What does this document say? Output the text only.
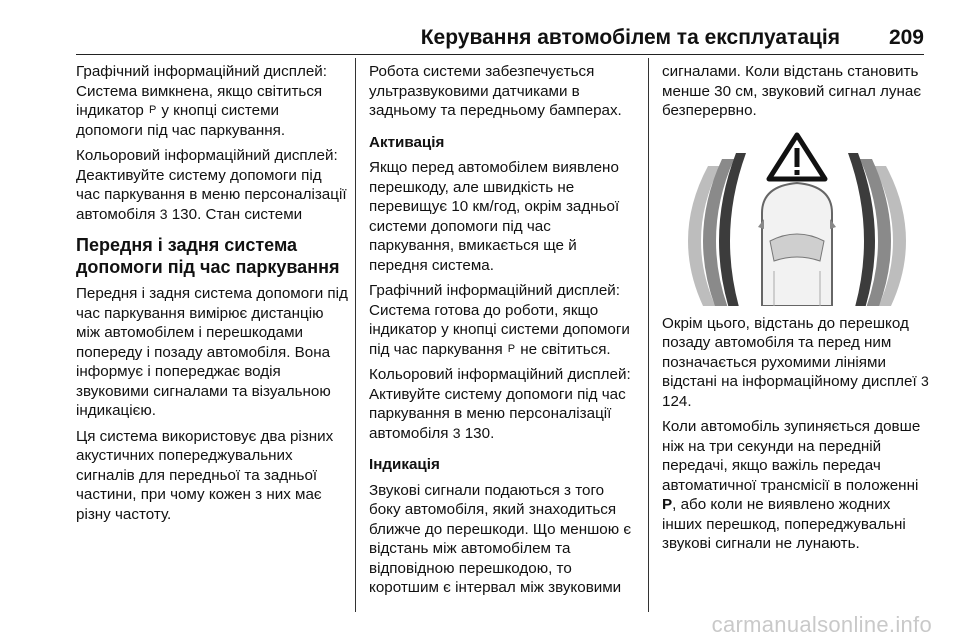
Керування автомобілем та експлуатація 209

Графічний інформаційний дисплей: Система вимкнена, якщо світиться індикатор P у кнопці системи допомоги під час паркування.

Кольоровий інформаційний дисплей: Деактивуйте систему допомоги під час паркування в меню персоналізації автомобіля 3 130. Стан системи

Передня і задня система допомоги під час паркування

Передня і задня система допомоги під час паркування вимірює дистанцію між автомобілем і перешкодами попереду і позаду автомобіля. Вона інформує і попереджає водія звуковими сигналами та візуальною індикацією.

Ця система використовує два різних акустичних попереджувальних сигналів для передньої та задньої частини, при чому кожен з них має різну частоту.

Робота системи забезпечується ультразвуковими датчиками в задньому та передньому бамперах.

Активація

Якщо перед автомобілем виявлено перешкоду, але швидкість не перевищує 10 км/год, окрім задньої системи допомоги під час паркування, вмикається ще й передня система.

Графічний інформаційний дисплей: Система готова до роботи, якщо індикатор у кнопці системи допомоги під час паркування P не світиться.

Кольоровий інформаційний дисплей: Активуйте систему допомоги під час паркування в меню персоналізації автомобіля 3 130.

Індикація

Звукові сигнали подаються з того боку автомобіля, який знаходиться ближче до перешкоди. Що меншою є відстань між автомобілем та відповідною перешкодою, то коротшим є інтервал між звуковими

сигналами. Коли відстань становить менше 30 см, звуковий сигнал лунає безперервно.

Окрім цього, відстань до перешкод позаду автомобіля та перед ним позначається рухомими лініями відстані на інформаційному дисплеї 3 124.

Коли автомобіль зупиняється довше ніж на три секунди на передній передачі, якщо важіль передач автоматичної трансмісії в положенні P, або коли не виявлено жодних інших перешкод, попереджувальні звукові сигнали не лунають.

carmanualsonline.info
